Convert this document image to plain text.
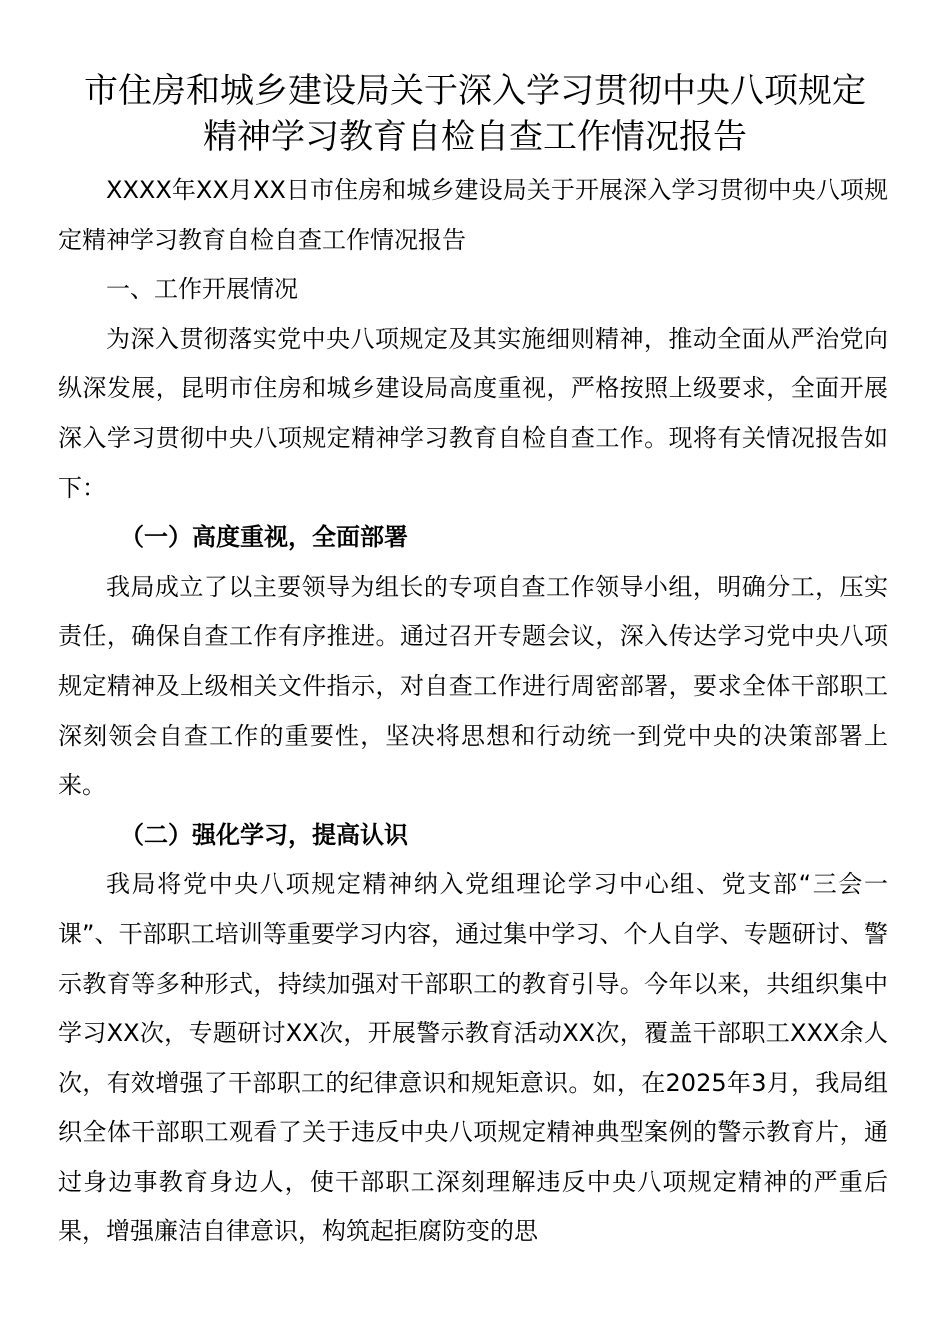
市住房和城乡建设局关于深入学习贯彻中央八项规定
精神学习教育自检自查工作情况报告

XXXX年XX月XX日市住房和城乡建设局关于开展深入学习贯彻中央八项规定精神学习教育自检自查工作情况报告

一、工作开展情况

为深入贯彻落实党中央八项规定及其实施细则精神，推动全面从严治党向纵深发展，昆明市住房和城乡建设局高度重视，严格按照上级要求，全面开展深入学习贯彻中央八项规定精神学习教育自检自查工作。现将有关情况报告如下：

（一）高度重视，全面部署

我局成立了以主要领导为组长的专项自查工作领导小组，明确分工，压实责任，确保自查工作有序推进。通过召开专题会议，深入传达学习党中央八项规定精神及上级相关文件指示，对自查工作进行周密部署，要求全体干部职工深刻领会自查工作的重要性，坚决将思想和行动统一到党中央的决策部署上来。

（二）强化学习，提高认识

我局将党中央八项规定精神纳入党组理论学习中心组、党支部“三会一课”、干部职工培训等重要学习内容，通过集中学习、个人自学、专题研讨、警示教育等多种形式，持续加强对干部职工的教育引导。今年以来，共组织集中学习XX次，专题研讨XX次，开展警示教育活动XX次，覆盖干部职工XXX余人次，有效增强了干部职工的纪律意识和规矩意识。如，在2025年3月，我局组织全体干部职工观看了关于违反中央八项规定精神典型案例的警示教育片，通过身边事教育身边人，使干部职工深刻理解违反中央八项规定精神的严重后果，增强廉洁自律意识，构筑起拒腐防变的思
